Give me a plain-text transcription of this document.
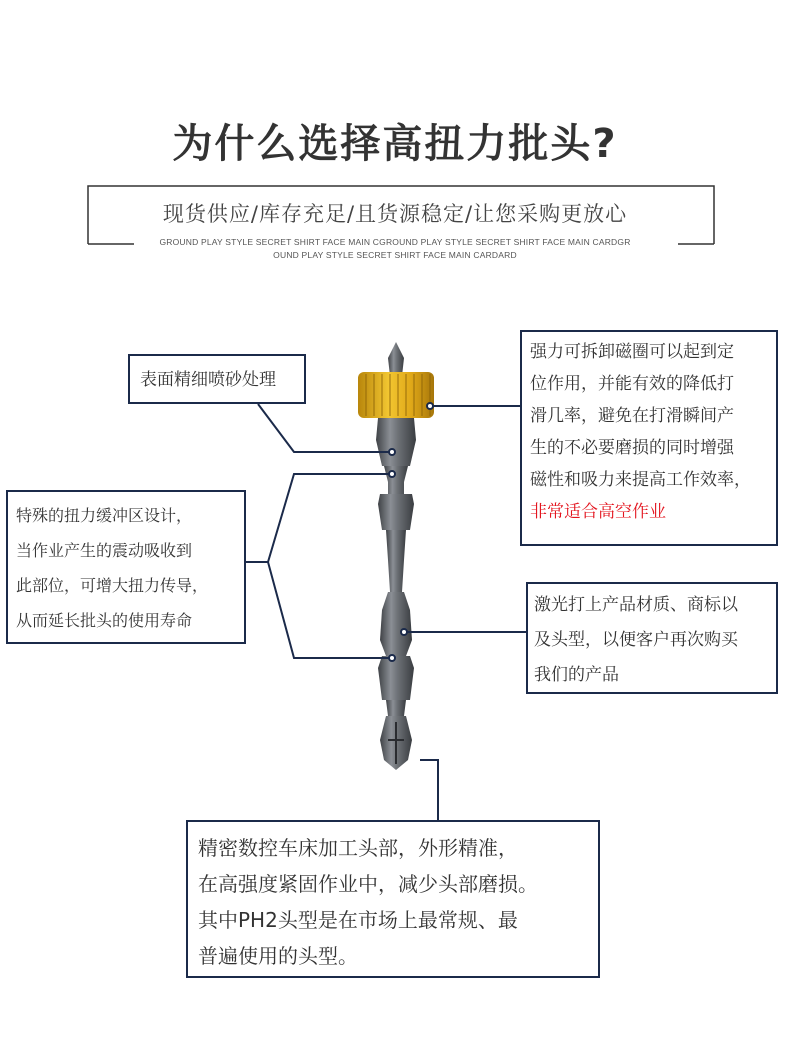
为什么选择高扭力批头?
现货供应/库存充足/且货源稳定/让您采购更放心
GROUND PLAY STYLE SECRET SHIRT FACE MAIN CGROUND PLAY STYLE SECRET SHIRT FACE MAIN CARDGR
OUND PLAY STYLE SECRET SHIRT FACE MAIN CARDARD
表面精细喷砂处理
强力可拆卸磁圈可以起到定
位作用，并能有效的降低打
滑几率，避免在打滑瞬间产
生的不必要磨损的同时增强
磁性和吸力来提高工作效率，
非常适合高空作业
特殊的扭力缓冲区设计，
当作业产生的震动吸收到
此部位，可增大扭力传导，
从而延长批头的使用寿命
激光打上产品材质、商标以
及头型，以便客户再次购买
我们的产品
精密数控车床加工头部，外形精准，
在高强度紧固作业中，减少头部磨损。
其中PH2头型是在市场上最常规、最
普遍使用的头型。
